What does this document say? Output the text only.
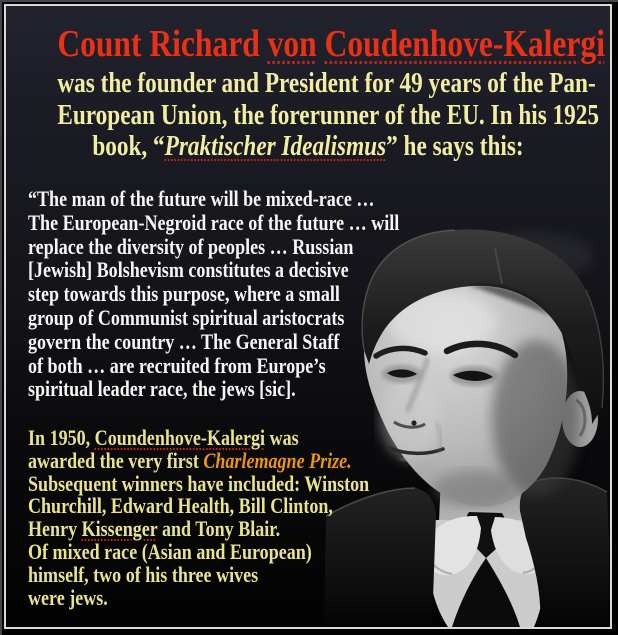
Count Richard von Coudenhove-Kalergi
was the founder and President for 49 years of the Pan-
European Union, the forerunner of the EU. In his 1925
book, “Praktischer Idealismus” he says this:
“The man of the future will be mixed-race …
The European-Negroid race of the future … will
replace the diversity of peoples … Russian
[Jewish] Bolshevism constitutes a decisive
step towards this purpose, where a small
group of Communist spiritual aristocrats
govern the country … The General Staff
of both … are recruited from Europe’s
spiritual leader race, the jews [sic].
In 1950, Coundenhove-Kalergi was
awarded the very first Charlemagne Prize.
Subsequent winners have included: Winston
Churchill, Edward Health, Bill Clinton,
Henry Kissenger and Tony Blair.
Of mixed race (Asian and European)
himself, two of his three wives
were jews.
